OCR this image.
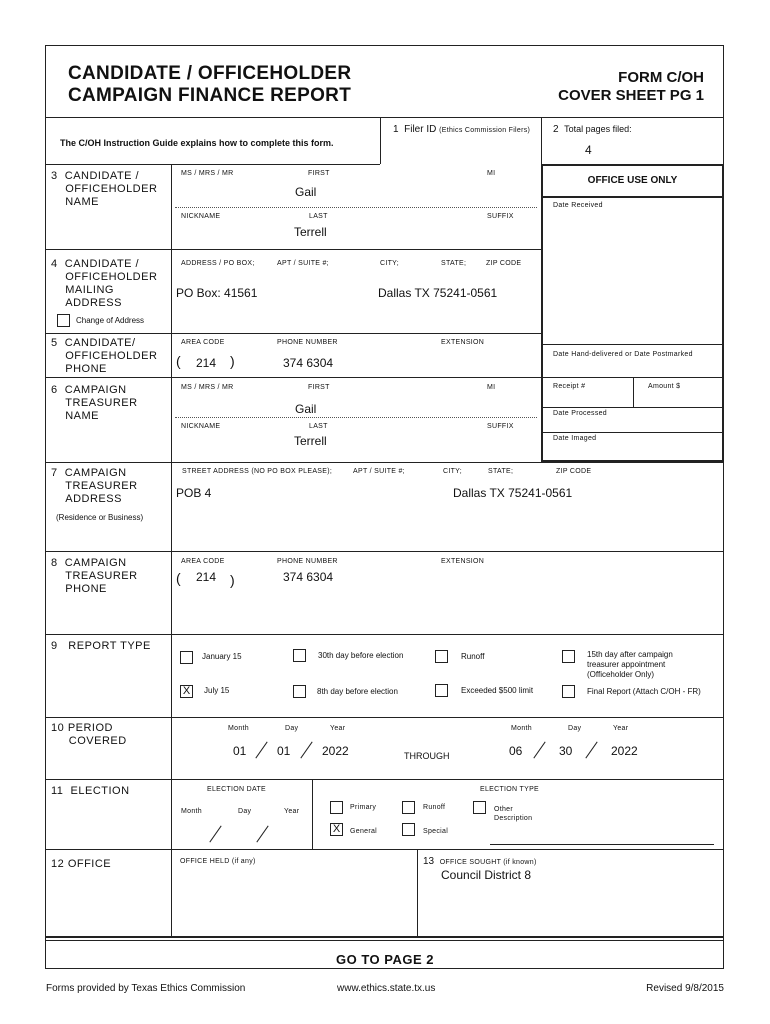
CANDIDATE / OFFICEHOLDER
CAMPAIGN FINANCE REPORT
FORM C/OH
COVER SHEET PG 1
The C/OH Instruction Guide explains how to complete this form.
1 Filer ID (Ethics Commission Filers) 2 Total pages filed:
4
OFFICE USE ONLY
Date Received
Date Hand-delivered or Date Postmarked
Receipt #	Amount $
Date Processed
Date Imaged
3 CANDIDATE /
OFFICEHOLDER
NAME
MS / MRS / MR	FIRST	MI
Gail
NICKNAME	LAST	SUFFIX
Terrell
4 CANDIDATE /
OFFICEHOLDER
MAILING
ADDRESS
Change of Address
ADDRESS / PO BOX;	APT / SUITE #;	CITY;	STATE;	ZIP CODE
PO Box: 41561	Dallas TX 75241-0561
5 CANDIDATE/
OFFICEHOLDER
PHONE
AREA CODE	PHONE NUMBER	EXTENSION
( 214 )	374 6304
6 CAMPAIGN
TREASURER
NAME
MS / MRS / MR	FIRST	MI
Gail
NICKNAME	LAST	SUFFIX
Terrell
7 CAMPAIGN
TREASURER
ADDRESS
(Residence or Business)
STREET ADDRESS (NO PO BOX PLEASE);	APT / SUITE #;	CITY;	STATE;	ZIP CODE
POB 4	Dallas TX 75241-0561
8 CAMPAIGN
TREASURER
PHONE
AREA CODE	PHONE NUMBER	EXTENSION
( 214 )	374 6304
9 REPORT TYPE
January 15	30th day before election	Runoff	15th day after campaign
treasurer appointment
(Officeholder Only)
X	July 15	8th day before election	Exceeded $500 limit	Final Report (Attach C/OH - FR)
10 PERIOD
COVERED
Month	Day	Year
01	01	2022	THROUGH
Month	Day	Year
06	30	2022
11 ELECTION	ELECTION DATE
Month	Day	Year
ELECTION TYPE
Primary	Runoff	Other
Description
X	General	Special
12 OFFICE	OFFICE HELD (if any)	13 OFFICE SOUGHT (if known)
Council District 8
GO TO PAGE 2
Forms provided by Texas Ethics Commission	www.ethics.state.tx.us	Revised 9/8/2015
